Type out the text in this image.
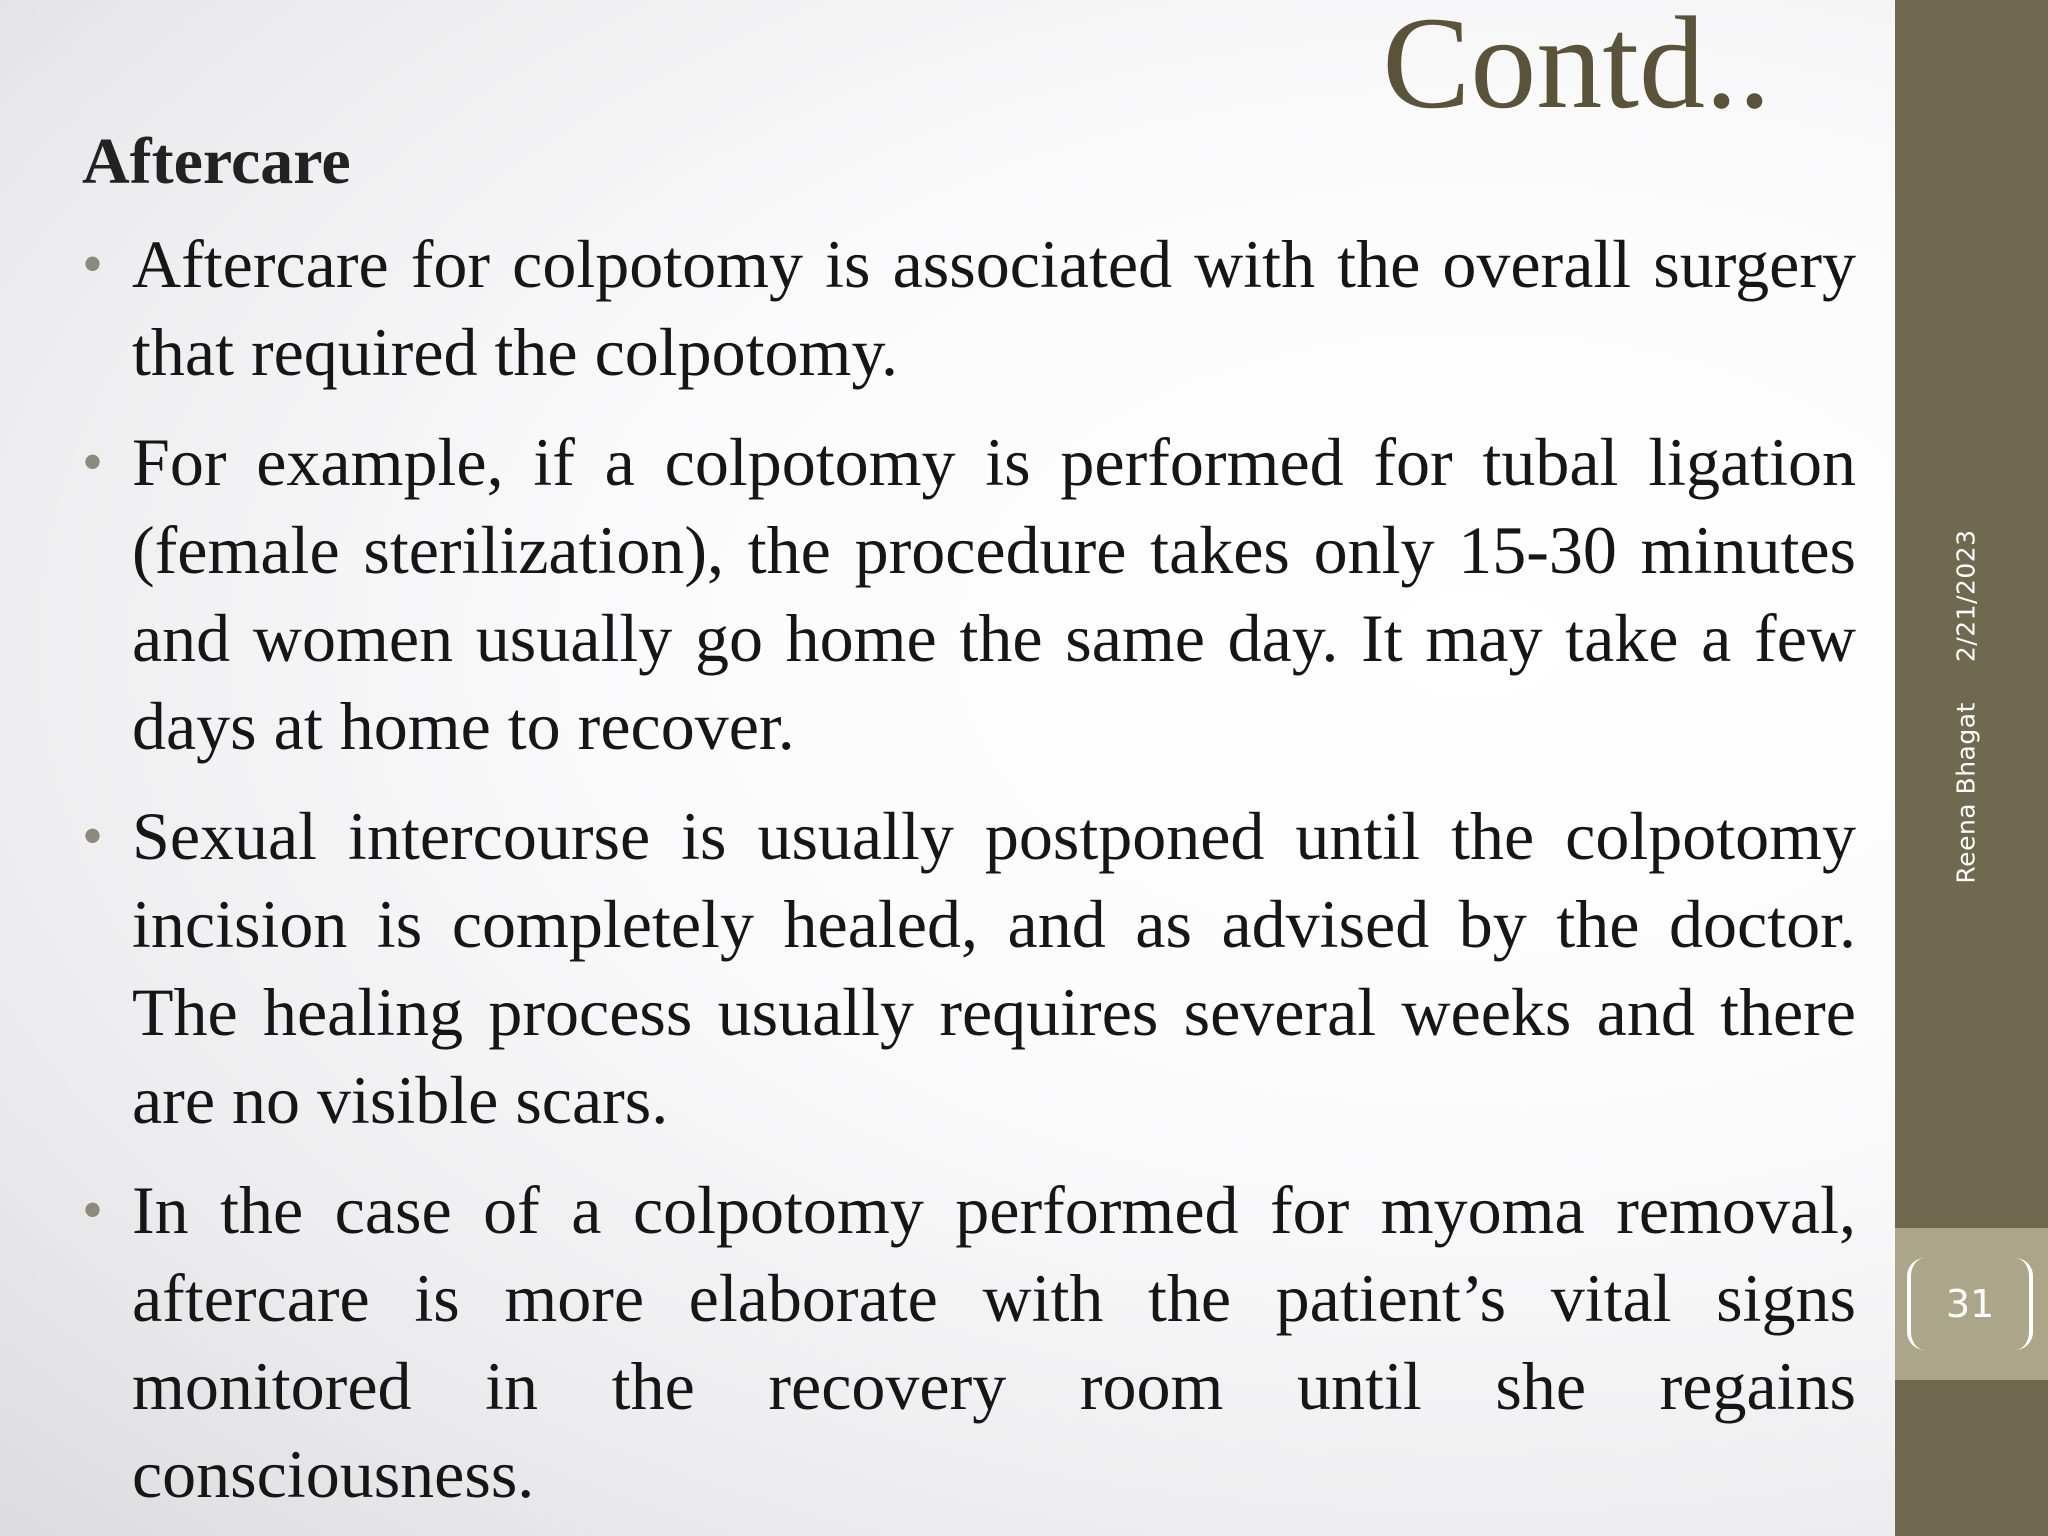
Contd..
Aftercare
• Aftercare for colpotomy is associated with the overall surgery that required the colpotomy.
• For example, if a colpotomy is performed for tubal ligation (female sterilization), the procedure takes only 15-30 minutes and women usually go home the same day. It may take a few days at home to recover.
• Sexual intercourse is usually postponed until the colpotomy incision is completely healed, and as advised by the doctor. The healing process usually requires several weeks and there are no visible scars.
• In the case of a colpotomy performed for myoma removal, aftercare is more elaborate with the patient’s vital signs monitored in the recovery room until she regains consciousness.
31
Reena Bhagat2/21/2023
